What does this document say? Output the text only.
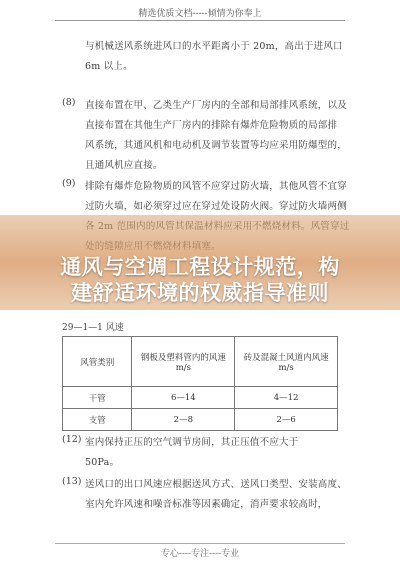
精选优质文档-----倾情为你奉上
与机械送风系统进风口的水平距离小于 20m，高出于进风口
6m 以上。
(8) 直接布置在甲、乙类生产厂房内的全部和局部排风系统，以及
直接布置在其他生产厂房内的排除有爆炸危险物质的局部排
风系统，其通风机和电动机及调节装置等均应采用防爆型的，
且通风机应直接。
(9) 排除有爆炸危险物质的风管不应穿过防火墙，其他风管不宜穿
过防火墙，如必须穿过应在穿过处设防火阀。穿过防火墙两侧
通风与空调工程设计规范，构
建舒适环境的权威指导准则
29—1—1 风速
风管类别	钢板及塑料管内的风速 m/s	砖及混凝土风道内风速 m/s
干管	6—14	4—12
支管	2—8	2—6
(12) 室内保持正压的空气调节房间，其正压值不应大于
50Pa。
(13) 送风口的出口风速应根据送风方式、送风口类型、安装高度、
室内允许风速和噪音标准等因素确定，消声要求较高时，
专心----专注----专业
